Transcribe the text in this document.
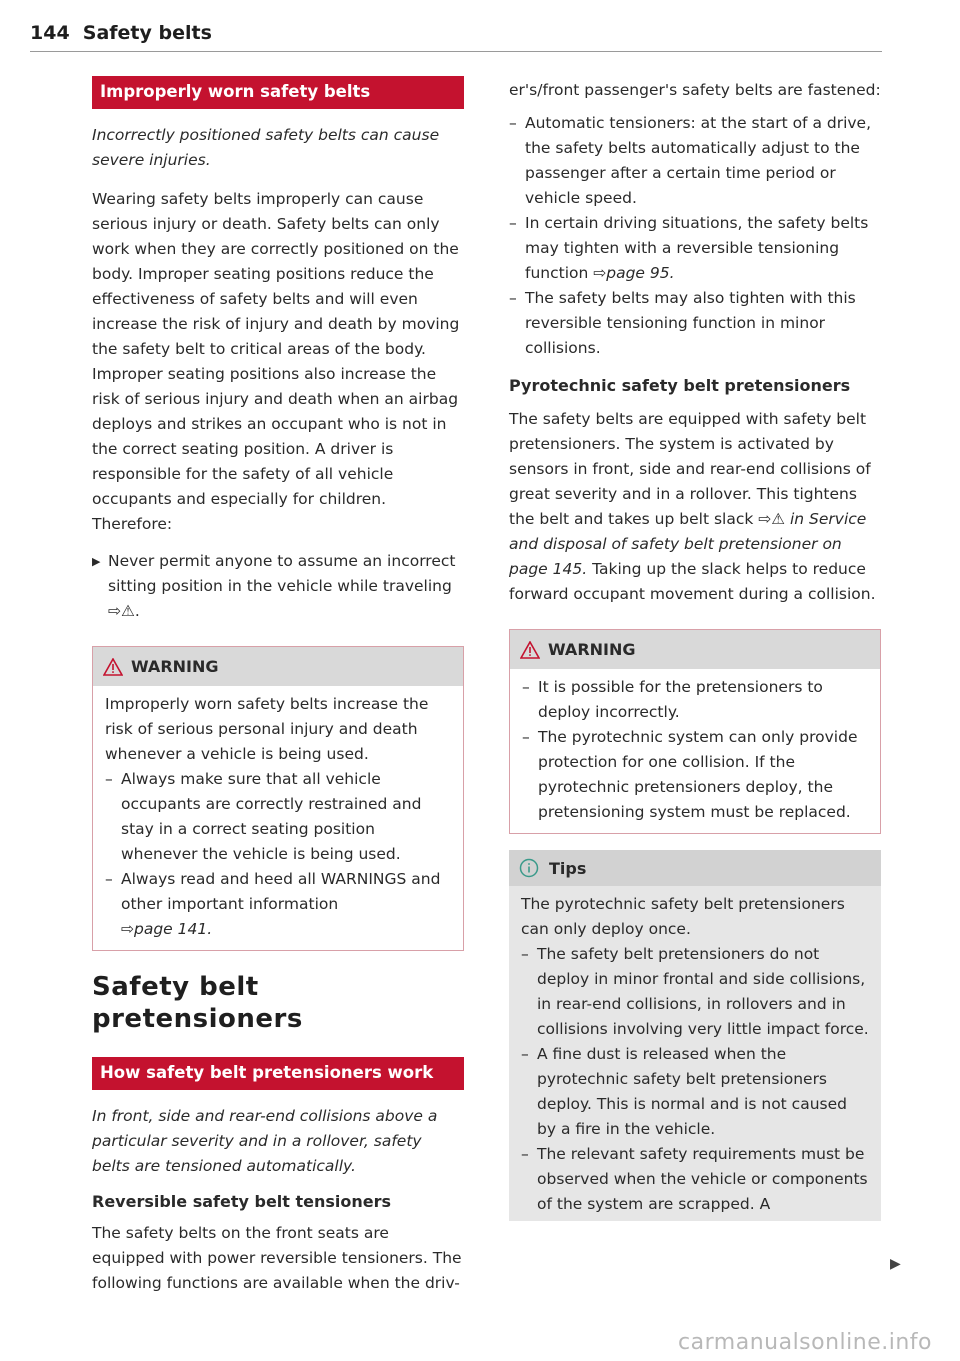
144 Safety belts
Improperly worn safety belts

Incorrectly positioned safety belts can cause severe injuries.

Wearing safety belts improperly can cause serious injury or death. Safety belts can only work when they are correctly positioned on the body. Improper seating positions reduce the effectiveness of safety belts and will even increase the risk of injury and death by moving the safety belt to critical areas of the body. Improper seating positions also increase the risk of serious injury and death when an airbag deploys and strikes an occupant who is not in the correct seating position. A driver is responsible for the safety of all vehicle occupants and especially for children. Therefore:

▶ Never permit anyone to assume an incorrect sitting position in the vehicle while traveling ⇨⚠.
WARNING

Improperly worn safety belts increase the risk of serious personal injury and death whenever a vehicle is being used.

– Always make sure that all vehicle occupants are correctly restrained and stay in a correct seating position whenever the vehicle is being used.
– Always read and heed all WARNINGS and other important information
⇨page 141.
Safety belt pretensioners
How safety belt pretensioners work

In front, side and rear-end collisions above a particular severity and in a rollover, safety belts are tensioned automatically.

Reversible safety belt tensioners

The safety belts on the front seats are equipped with power reversible tensioners. The following functions are available when the driv-

er's/front passenger's safety belts are fastened:

– Automatic tensioners: at the start of a drive, the safety belts automatically adjust to the passenger after a certain time period or vehicle speed.
– In certain driving situations, the safety belts may tighten with a reversible tensioning function ⇨page 95.
– The safety belts may also tighten with this reversible tensioning function in minor collisions.
Pyrotechnic safety belt pretensioners

The safety belts are equipped with safety belt pretensioners. The system is activated by sensors in front, side and rear-end collisions of great severity and in a rollover. This tightens the belt and takes up belt slack ⇨⚠ in Service and disposal of safety belt pretensioner on page 145. Taking up the slack helps to reduce forward occupant movement during a collision.

WARNING
– It is possible for the pretensioners to deploy incorrectly.
– The pyrotechnic system can only provide protection for one collision. If the pyrotechnic pretensioners deploy, the pretensioning system must be replaced.
Tips

The pyrotechnic safety belt pretensioners can only deploy once.

– The safety belt pretensioners do not deploy in minor frontal and side collisions, in rear-end collisions, in rollovers and in collisions involving very little impact force.
– A fine dust is released when the pyrotechnic safety belt pretensioners deploy. This is normal and is not caused by a fire in the vehicle.
– The relevant safety requirements must be observed when the vehicle or components of the system are scrapped. A
▶
carmanualsonline.info
